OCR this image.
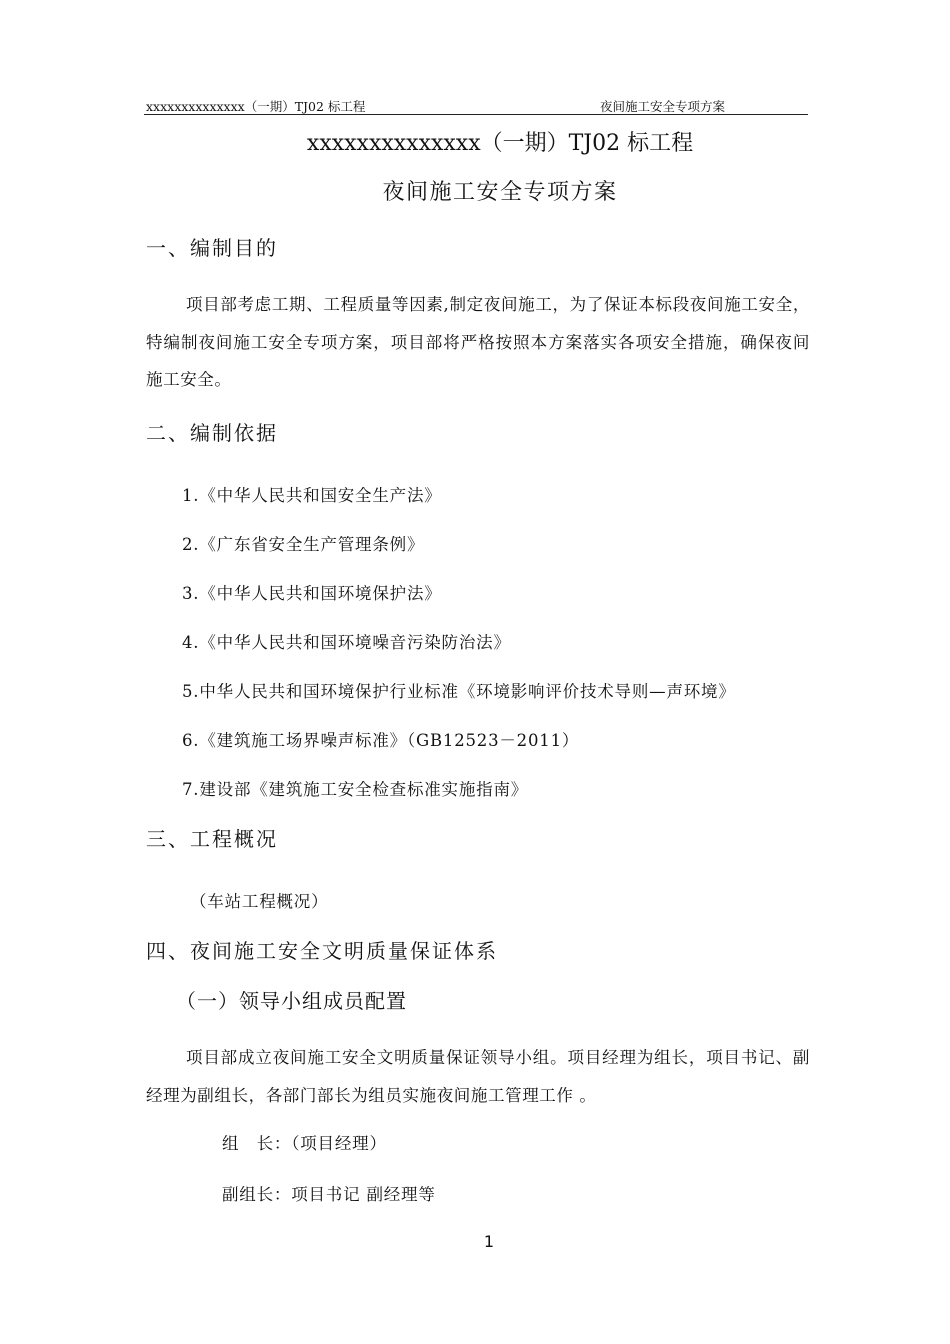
xxxxxxxxxxxxxx（一期）TJ02 标工程	夜间施工安全专项方案
xxxxxxxxxxxxxx（一期）TJ02 标工程
夜间施工安全专项方案
一、编制目的
项目部考虑工期、工程质量等因素,制定夜间施工，为了保证本标段夜间施工安全，特编制夜间施工安全专项方案，项目部将严格按照本方案落实各项安全措施，确保夜间施工安全。
二、编制依据
1.《中华人民共和国安全生产法》
2.《广东省安全生产管理条例》
3.《中华人民共和国环境保护法》
4.《中华人民共和国环境噪音污染防治法》
5.中华人民共和国环境保护行业标准《环境影响评价技术导则—声环境》
6.《建筑施工场界噪声标准》（GB12523－2011）
7.建设部《建筑施工安全检查标准实施指南》
三、工程概况
（车站工程概况）
四、夜间施工安全文明质量保证体系
（一）领导小组成员配置
项目部成立夜间施工安全文明质量保证领导小组。项目经理为组长，项目书记、副经理为副组长，各部门部长为组员实施夜间施工管理工作 。
组　长：（项目经理）
副组长：项目书记 副经理等
1
